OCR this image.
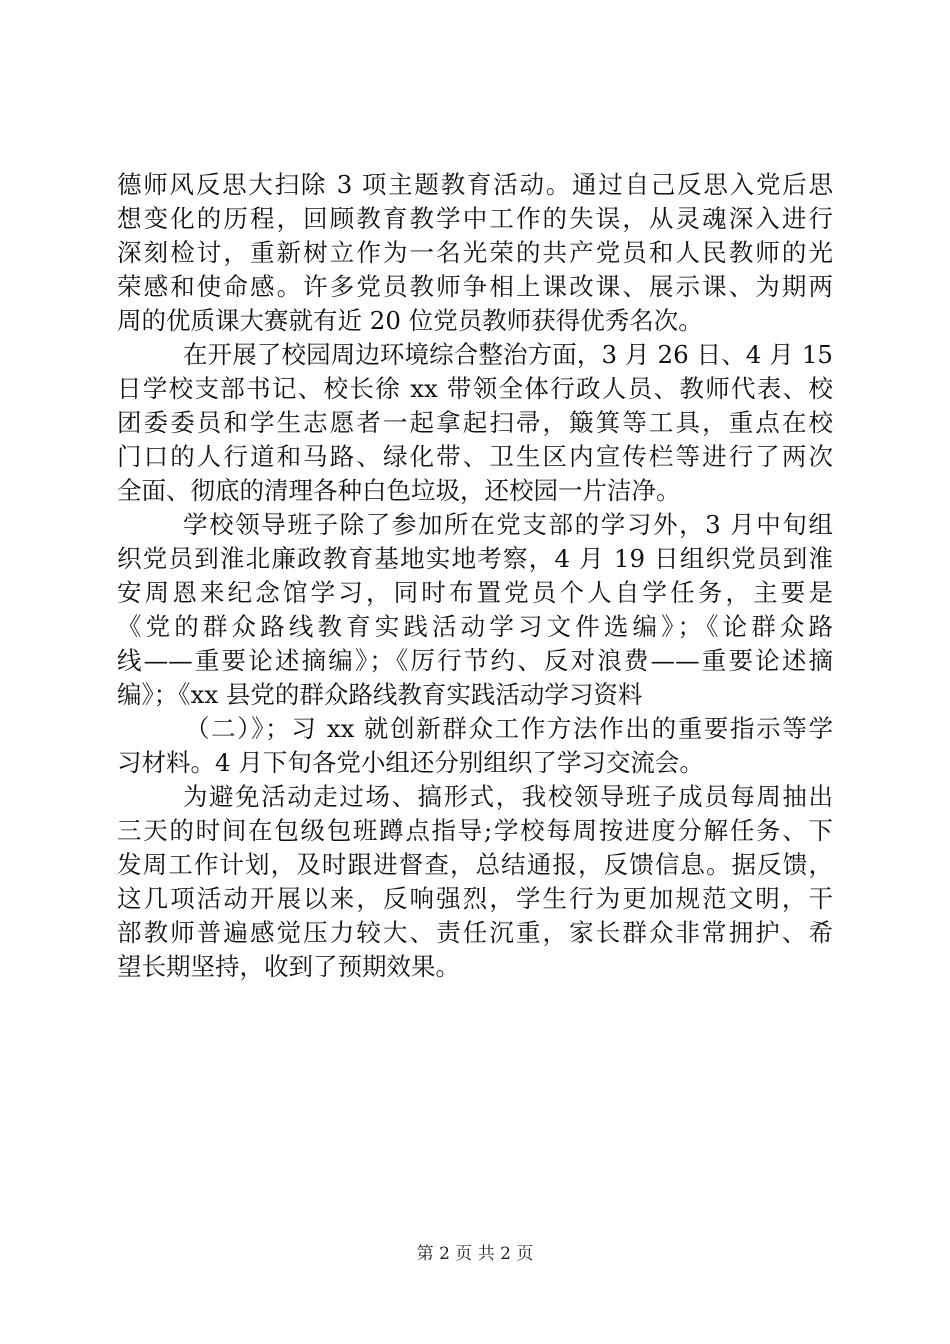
德师风反思大扫除 3 项主题教育活动。通过自己反思入党后思
想变化的历程，回顾教育教学中工作的失误，从灵魂深入进行
深刻检讨，重新树立作为一名光荣的共产党员和人民教师的光
荣感和使命感。许多党员教师争相上课改课、展示课、为期两
周的优质课大赛就有近 20 位党员教师获得优秀名次。
在开展了校园周边环境综合整治方面，3 月 26 日、4 月 15
日学校支部书记、校长徐 xx 带领全体行政人员、教师代表、校
团委委员和学生志愿者一起拿起扫帚，簸箕等工具，重点在校
门口的人行道和马路、绿化带、卫生区内宣传栏等进行了两次
全面、彻底的清理各种白色垃圾，还校园一片洁净。
学校领导班子除了参加所在党支部的学习外，3 月中旬组
织党员到淮北廉政教育基地实地考察，4 月 19 日组织党员到淮
安周恩来纪念馆学习，同时布置党员个人自学任务，主要是
《党的群众路线教育实践活动学习文件选编》；《论群众路
线——重要论述摘编》；《厉行节约、反对浪费——重要论述摘
编》；《xx 县党的群众路线教育实践活动学习资料
（二）》；习 xx 就创新群众工作方法作出的重要指示等学
习材料。4 月下旬各党小组还分别组织了学习交流会。
为避免活动走过场、搞形式，我校领导班子成员每周抽出
三天的时间在包级包班蹲点指导;学校每周按进度分解任务、下
发周工作计划，及时跟进督查，总结通报，反馈信息。据反馈，
这几项活动开展以来，反响强烈，学生行为更加规范文明，干
部教师普遍感觉压力较大、责任沉重，家长群众非常拥护、希
望长期坚持，收到了预期效果。
第 2 页 共 2 页
